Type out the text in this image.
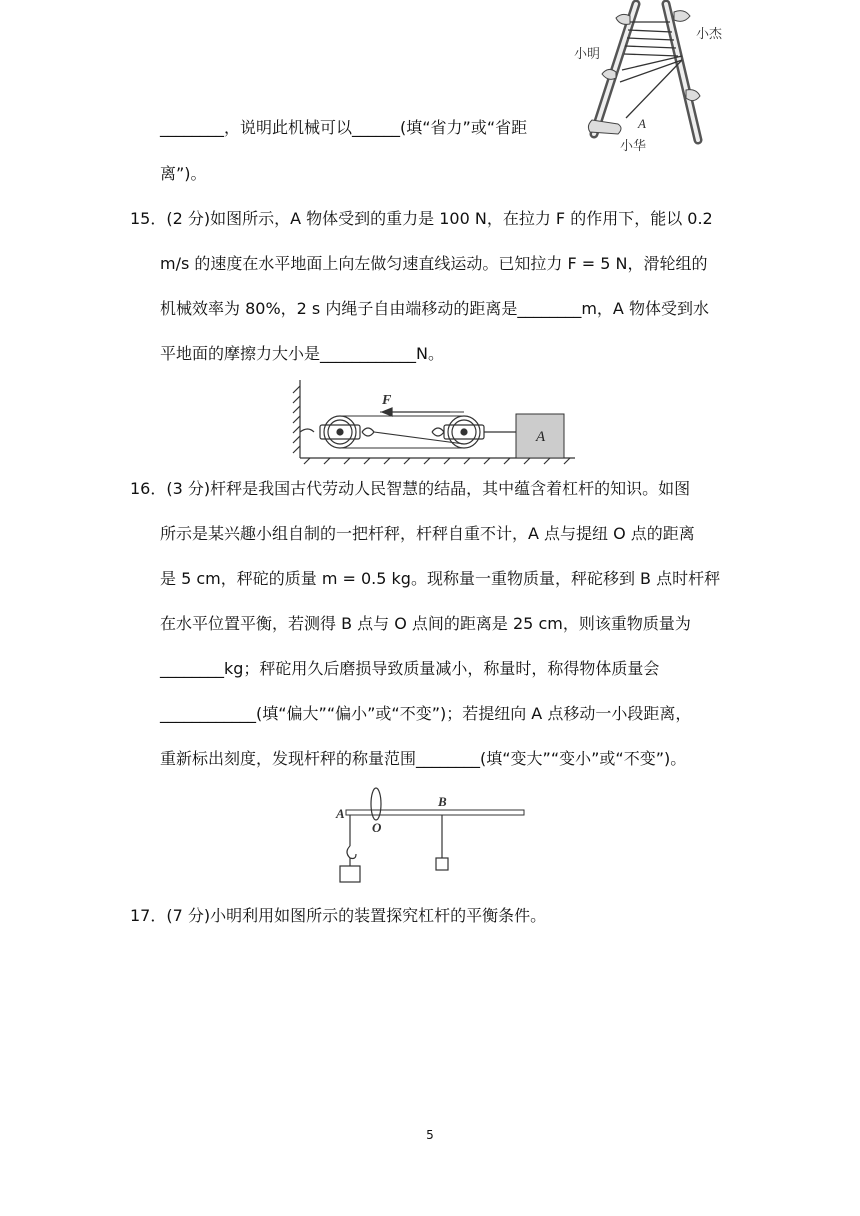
小明
小杰
A
小华
________，说明此机械可以______(填“省力”或“省距
离”)。
15．(2 分)如图所示，A 物体受到的重力是 100 N，在拉力 F 的作用下，能以 0.2
m/s 的速度在水平地面上向左做匀速直线运动。已知拉力 F = 5 N，滑轮组的
机械效率为 80%，2 s 内绳子自由端移动的距离是________m，A 物体受到水
平地面的摩擦力大小是____________N。
F
A
16．(3 分)杆秤是我国古代劳动人民智慧的结晶，其中蕴含着杠杆的知识。如图
所示是某兴趣小组自制的一把杆秤，杆秤自重不计，A 点与提纽 O 点的距离
是 5 cm，秤砣的质量 m = 0.5 kg。现称量一重物质量，秤砣移到 B 点时杆秤
在水平位置平衡，若测得 B 点与 O 点间的距离是 25 cm，则该重物质量为
________kg；秤砣用久后磨损导致质量减小，称量时，称得物体质量会
____________(填“偏大”“偏小”或“不变”)；若提纽向 A 点移动一小段距离，
重新标出刻度，发现杆秤的称量范围________(填“变大”“变小”或“不变”)。
A
O
B
17．(7 分)小明利用如图所示的装置探究杠杆的平衡条件。
5
